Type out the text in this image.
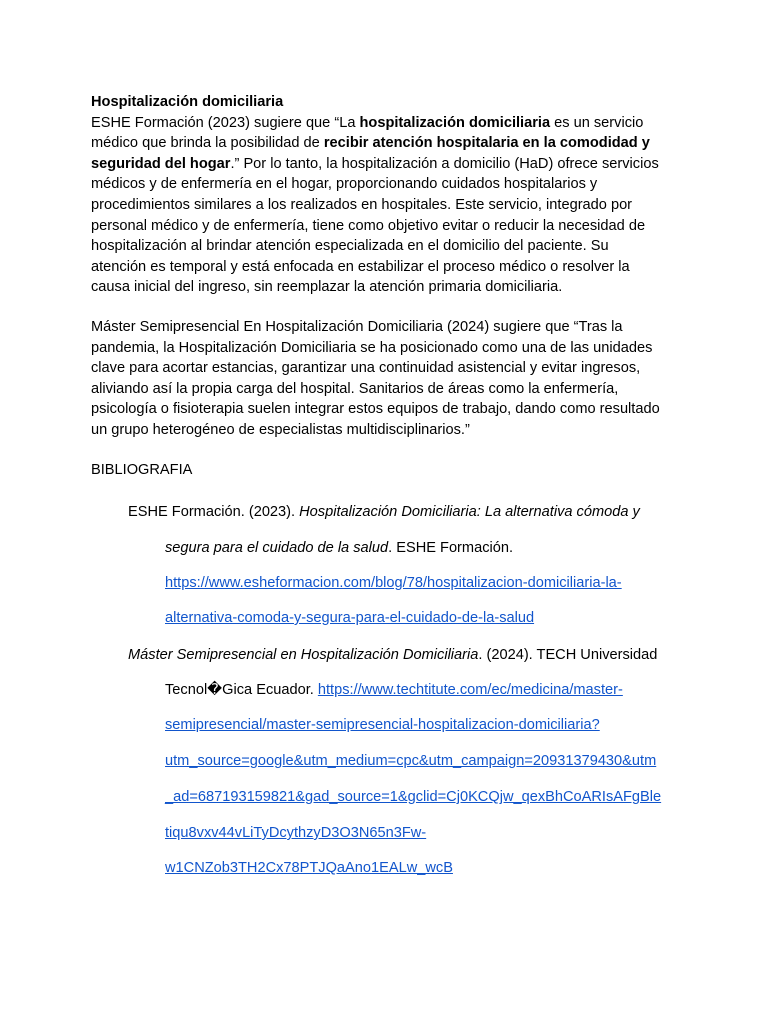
Hospitalización domiciliaria
ESHE Formación (2023) sugiere que “La hospitalización domiciliaria es un servicio
médico que brinda la posibilidad de recibir atención hospitalaria en la comodidad y
seguridad del hogar.” Por lo tanto, la hospitalización a domicilio (HaD) ofrece servicios
médicos y de enfermería en el hogar, proporcionando cuidados hospitalarios y
procedimientos similares a los realizados en hospitales. Este servicio, integrado por
personal médico y de enfermería, tiene como objetivo evitar o reducir la necesidad de
hospitalización al brindar atención especializada en el domicilio del paciente. Su
atención es temporal y está enfocada en estabilizar el proceso médico o resolver la
causa inicial del ingreso, sin reemplazar la atención primaria domiciliaria.
Máster Semipresencial En Hospitalización Domiciliaria (2024) sugiere que “Tras la
pandemia, la Hospitalización Domiciliaria se ha posicionado como una de las unidades
clave para acortar estancias, garantizar una continuidad asistencial y evitar ingresos,
aliviando así la propia carga del hospital. Sanitarios de áreas como la enfermería,
psicología o fisioterapia suelen integrar estos equipos de trabajo, dando como resultado
un grupo heterogéneo de especialistas multidisciplinarios.”
BIBLIOGRAFIA
ESHE Formación. (2023). Hospitalización Domiciliaria: La alternativa cómoda y
segura para el cuidado de la salud. ESHE Formación.
https://www.esheformacion.com/blog/78/hospitalizacion-domiciliaria-la-
alternativa-comoda-y-segura-para-el-cuidado-de-la-salud
Máster Semipresencial en Hospitalización Domiciliaria. (2024). TECH Universidad
Tecnol�Gica Ecuador. https://www.techtitute.com/ec/medicina/master-
semipresencial/master-semipresencial-hospitalizacion-domiciliaria?
utm_source=google&utm_medium=cpc&utm_campaign=20931379430&utm
_ad=687193159821&gad_source=1&gclid=Cj0KCQjw_qexBhCoARIsAFgBle
tiqu8vxv44vLiTyDcythzyD3O3N65n3Fw-
w1CNZob3TH2Cx78PTJQaAno1EALw_wcB
